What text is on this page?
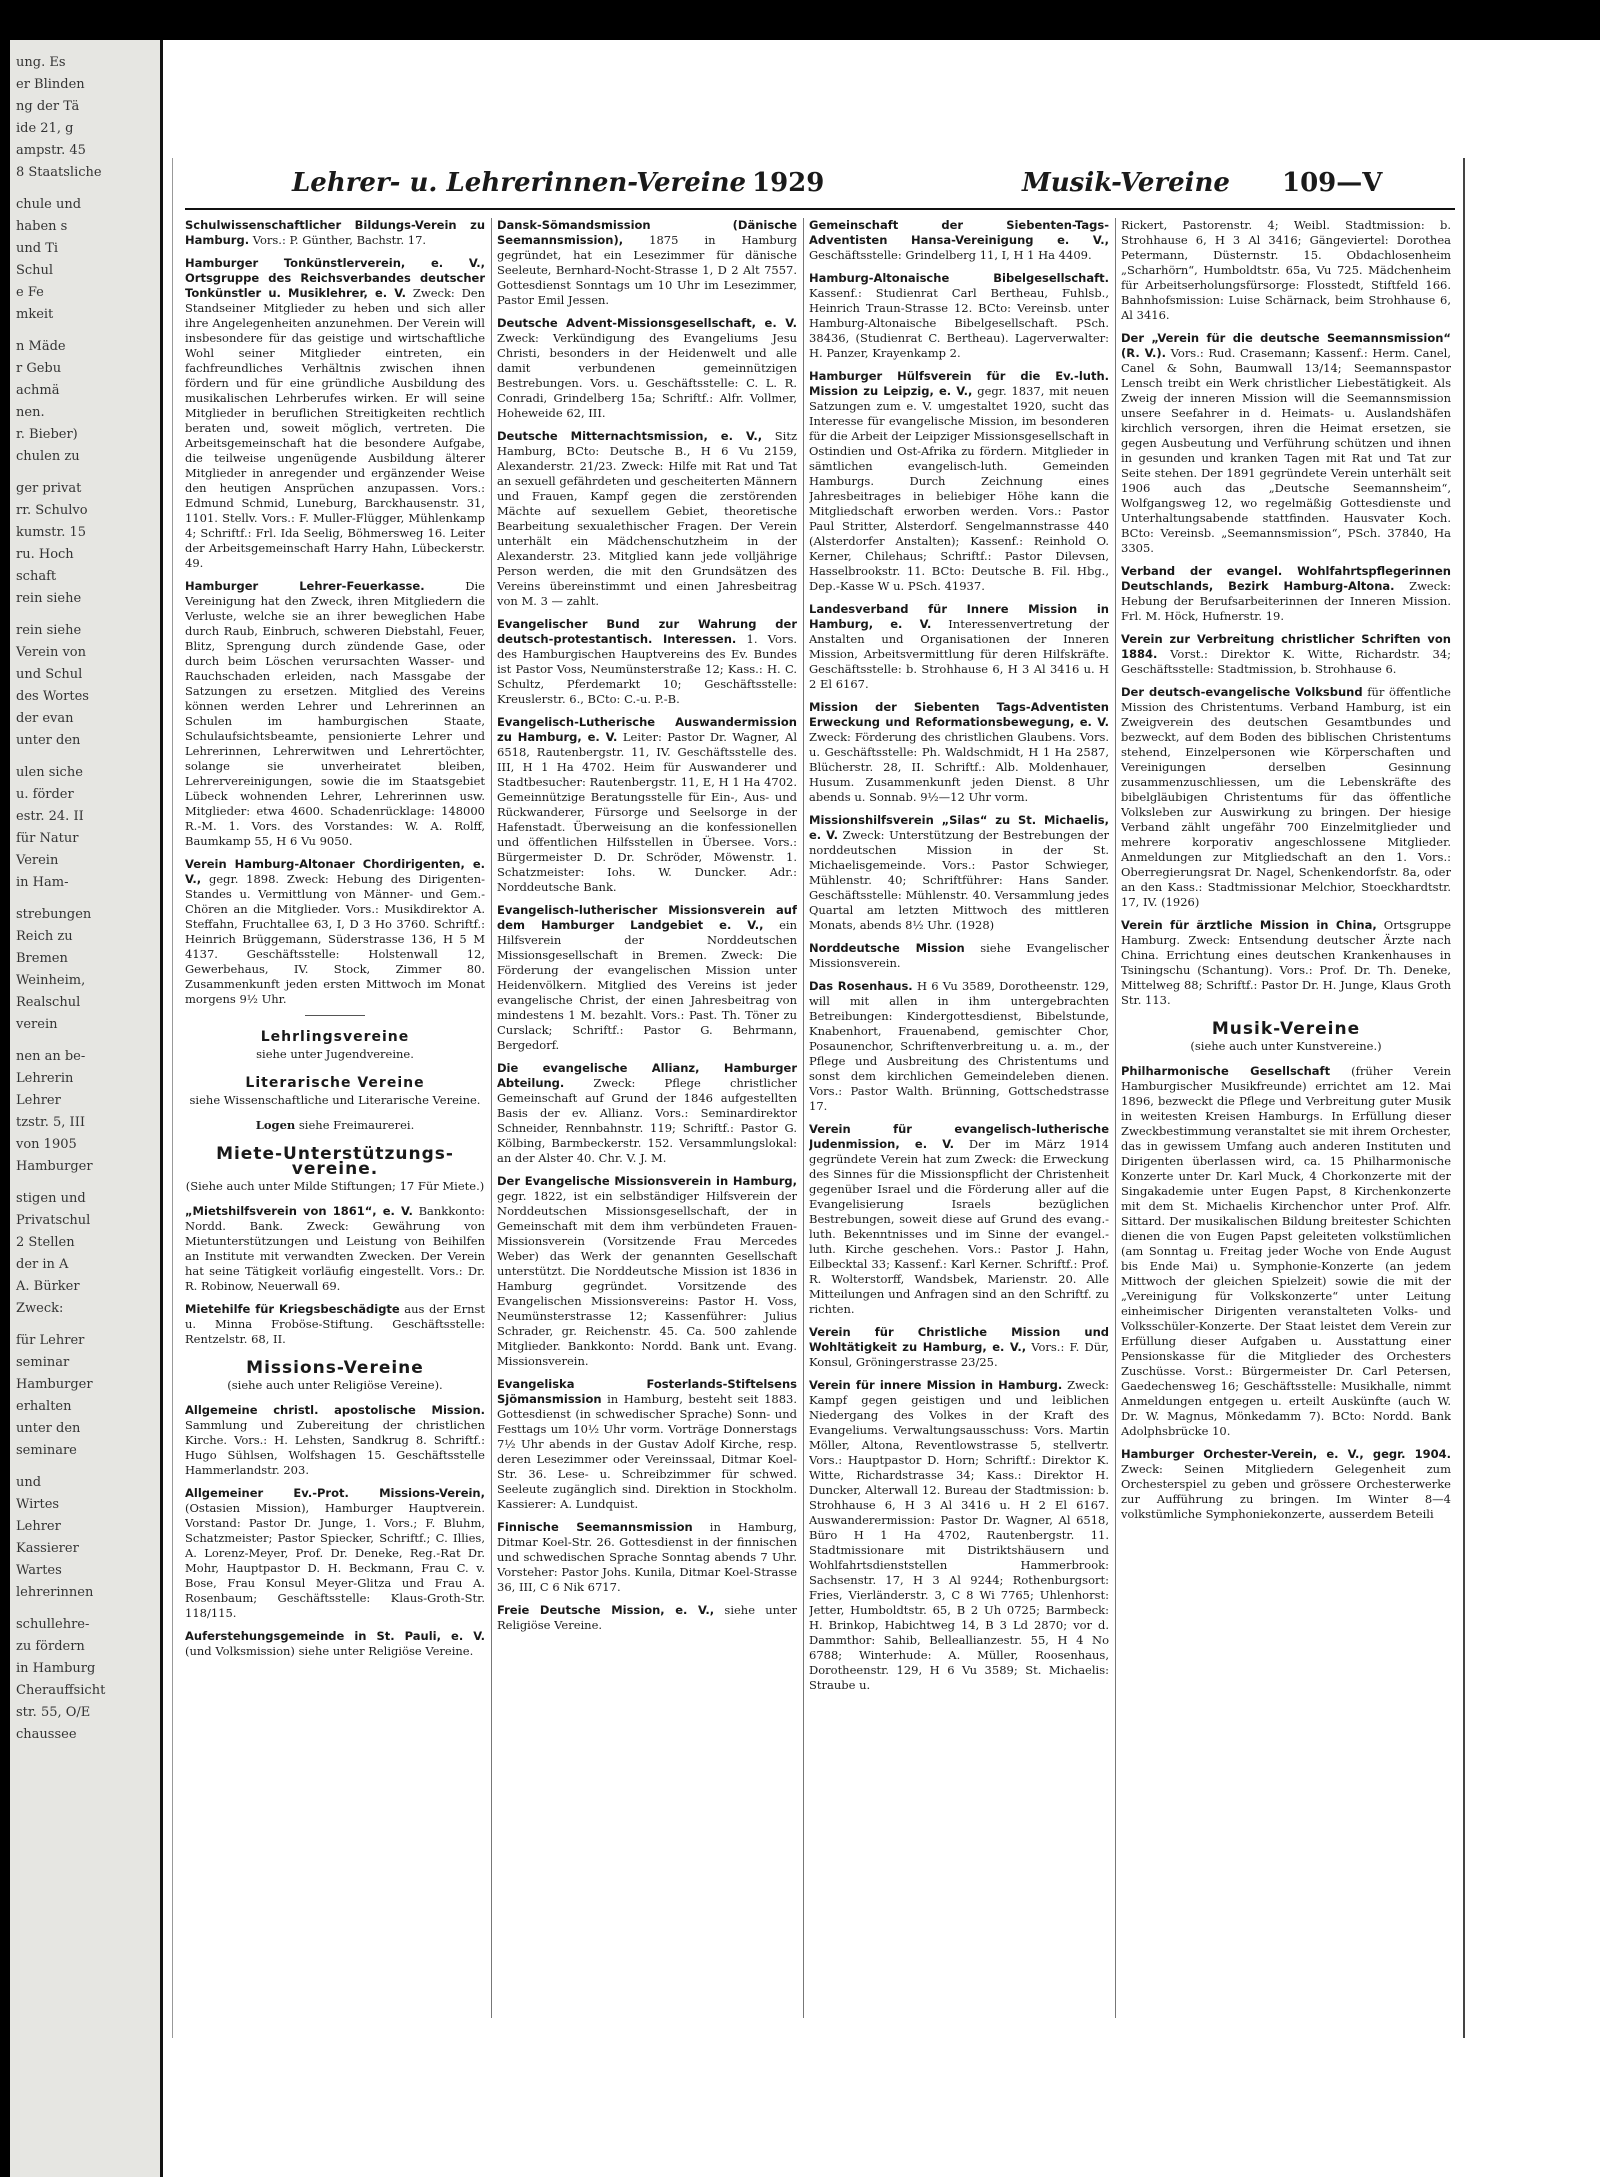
ung. Es
er Blinden
ng der Tä
ide 21, g
ampstr. 45
8 Staatsliche
chule und
haben s
und Ti
Schul
e Fe
mkeit
n Mäde
r Gebu
achmä
nen.
r. Bieber)
chulen zu
ger privat
rr. Schulvo
kumstr. 15
ru. Hoch
schaft
rein siehe
rein siehe
Verein von
und Schul
des Wortes
der evan
unter den
ulen siche
u. förder
estr. 24. II
für Natur
Verein
in Ham-
strebungen
Reich zu
Bremen
Weinheim,
Realschul
verein
nen an be-
Lehrerin
Lehrer
tzstr. 5, III
von 1905
Hamburger
stigen und
Privatschul
2 Stellen
der in A
A. Bürker
Zweck:
für Lehrer
seminar
Hamburger
erhalten
unter den
seminare
und
Wirtes
Lehrer
Kassierer
Wartes
lehrerinnen
schullehre-
zu fördern
in Hamburg
Cherauffsicht
str. 55, O/E
chaussee
Lehrer- u. Lehrerinnen-Vereine 1929	Musik-Vereine 109—V

Schulwissenschaftlicher Bildungs-Verein zu Hamburg. Vors.: P. Günther, Bachstr. 17.

Hamburger Tonkünstlerverein, e. V., Ortsgruppe des Reichsverbandes deutscher Tonkünstler u. Musiklehrer, e. V. Zweck: Den Standseiner Mitglieder zu heben und sich aller ihre Angelegenheiten anzunehmen. Der Verein will insbesondere für das geistige und wirtschaftliche Wohl seiner Mitglieder eintreten, ein fachfreundliches Verhältnis zwischen ihnen fördern und für eine gründliche Ausbildung des musikalischen Lehrberufes wirken. Er will seine Mitglieder in beruflichen Streitigkeiten rechtlich beraten und, soweit möglich, vertreten. Die Arbeitsgemeinschaft hat die besondere Aufgabe, die teilweise ungenügende Ausbildung älterer Mitglieder in anregender und ergänzender Weise den heutigen Ansprüchen anzupassen. Vors.: Edmund Schmid, Luneburg, Barckhausenstr. 31, 1101. Stellv. Vors.: F. Muller-Flügger, Mühlenkamp 4; Schriftf.: Frl. Ida Seelig, Böhmersweg 16. Leiter der Arbeitsgemeinschaft Harry Hahn, Lübeckerstr. 49.

Hamburger Lehrer-Feuerkasse.	Die Vereinigung hat den Zweck, ihren Mitgliedern die Verluste, welche sie an ihrer beweglichen Habe durch Raub, Einbruch, schweren Diebstahl, Feuer, Blitz, Sprengung durch zündende Gase, oder durch beim Löschen verursachten Wasser- und Rauchschaden erleiden, nach Massgabe der Satzungen zu ersetzen. Mitglied des Vereins können werden Lehrer und Lehrerinnen an Schulen im hamburgischen Staate, Schulaufsichtsbeamte, pensionierte Lehrer und Lehrerinnen, Lehrerwitwen und Lehrertöchter, solange sie unverheiratet bleiben, Lehrervereinigungen, sowie die im Staatsgebiet Lübeck wohnenden Lehrer, Lehrerinnen usw. Mitglieder: etwa 4600. Schadenrücklage: 148000 R.-M. 1. Vors. des Vorstandes: W. A. Rolff, Baumkamp 55, H 6 Vu 9050.

Verein Hamburg-Altonaer Chordirigenten, e. V., gegr. 1898. Zweck: Hebung des Dirigenten-Standes u. Vermittlung von Männer- und Gem.-Chören an die Mitglieder. Vors.: Musikdirektor A. Steffahn, Fruchtallee 63, I, D 3 Ho 3760. Schriftf.: Heinrich Brüggemann, Süderstrasse 136, H 5 M 4137. Geschäftsstelle: Holstenwall 12, Gewerbehaus, IV. Stock, Zimmer 80. Zusammenkunft jeden ersten Mittwoch im Monat morgens 9½ Uhr.

Lehrlingsvereine
siehe unter Jugendvereine.
Literarische Vereine
siehe Wissenschaftliche und Literarische Vereine.
Logen siehe Freimaurerei.
Miete-Unterstützungs-vereine.
(Siehe auch unter Milde Stiftungen; 17 Für Miete.)

„Mietshilfsverein von 1861“, e. V. Bankkonto: Nordd. Bank. Zweck: Gewährung von Mietunterstützungen und Leistung von Beihilfen an Institute mit verwandten Zwecken. Der Verein hat seine Tätigkeit vorläufig eingestellt. Vors.: Dr. R. Robinow, Neuerwall 69.

Mietehilfe für Kriegsbeschädigte aus der Ernst u. Minna Froböse-Stiftung. Geschäftsstelle: Rentzelstr. 68, II.

Missions-Vereine
(siehe auch unter Religiöse Vereine).

Allgemeine christl. apostolische Mission. Sammlung und Zubereitung der christlichen Kirche. Vors.: H. Lehsten, Sandkrug 8. Schriftf.: Hugo Sühlsen, Wolfshagen 15. Geschäftsstelle Hammerlandstr. 203.

Allgemeiner Ev.-Prot. Missions-Verein, (Ostasien Mission), Hamburger Hauptverein. Vorstand: Pastor Dr. Junge, 1. Vors.; F. Bluhm, Schatzmeister; Pastor Spiecker, Schriftf.; C. Illies, A. Lorenz-Meyer, Prof. Dr. Deneke, Reg.-Rat Dr. Mohr, Hauptpastor D. H. Beckmann, Frau C. v. Bose, Frau Konsul Meyer-Glitza und Frau A. Rosenbaum; Geschäftsstelle: Klaus-Groth-Str. 118/115.

Auferstehungsgemeinde in St. Pauli, e. V. (und Volksmission) siehe unter Religiöse Vereine.

Dansk-Sömandsmission (Dänische Seemannsmission), 1875 in Hamburg gegründet, hat ein Lesezimmer für dänische Seeleute, Bernhard-Nocht-Strasse 1, D 2 Alt 7557. Gottesdienst Sonntags um 10 Uhr im Lesezimmer, Pastor Emil Jessen.

Deutsche Advent-Missionsgesellschaft, e. V. Zweck: Verkündigung des Evangeliums Jesu Christi, besonders in der Heidenwelt und alle damit verbundenen gemeinnützigen Bestrebungen. Vors. u. Geschäftsstelle: C. L. R. Conradi, Grindelberg 15a; Schriftf.: Alfr. Vollmer, Hoheweide 62, III.

Deutsche Mitternachtsmission, e. V., Sitz Hamburg, BCto: Deutsche B., H 6 Vu 2159, Alexanderstr. 21/23. Zweck: Hilfe mit Rat und Tat an sexuell gefährdeten und gescheiterten Männern und Frauen, Kampf gegen die zerstörenden Mächte auf sexuellem Gebiet, theoretische Bearbeitung sexualethischer Fragen. Der Verein unterhält ein Mädchenschutzheim in der Alexanderstr. 23. Mitglied kann jede volljährige Person werden, die mit den Grundsätzen des Vereins übereinstimmt und einen Jahresbeitrag von M. 3 — zahlt.

Evangelischer Bund zur Wahrung der deutsch-protestantisch. Interessen. 1. Vors. des Hamburgischen Hauptvereins des Ev. Bundes ist Pastor Voss, Neumünsterstraße 12; Kass.: H. C. Schultz, Pferdemarkt 10; Geschäftsstelle: Kreuslerstr. 6., BCto: C.-u. P.-B.

Evangelisch-Lutherische Auswandermission zu Hamburg, e. V. Leiter: Pastor Dr. Wagner, Al 6518, Rautenbergstr. 11, IV. Geschäftsstelle des. III, H 1 Ha 4702. Heim für Auswanderer und Stadtbesucher: Rautenbergstr. 11, E, H 1 Ha 4702. Gemeinnützige Beratungsstelle für Ein-, Aus- und Rückwanderer, Fürsorge und Seelsorge in der Hafenstadt. Überweisung an die konfessionellen und öffentlichen Hilfsstellen in Übersee. Vors.: Bürgermeister D. Dr. Schröder, Möwenstr. 1. Schatzmeister: Iohs. W. Duncker. Adr.: Norddeutsche Bank.

Evangelisch-lutherischer Missionsverein auf dem Hamburger Landgebiet e. V., ein Hilfsverein der Norddeutschen Missionsgesellschaft in Bremen. Zweck: Die Förderung der evangelischen Mission unter Heidenvölkern. Mitglied des Vereins ist jeder evangelische Christ, der einen Jahresbeitrag von mindestens 1 M. bezahlt. Vors.: Past. Th. Töner zu Curslack; Schriftf.: Pastor G. Behrmann, Bergedorf.

Die evangelische Allianz, Hamburger Abteilung.	Zweck: Pflege christlicher Gemeinschaft auf Grund der 1846 aufgestellten Basis der ev. Allianz. Vors.: Seminardirektor Schneider, Rennbahnstr. 119; Schriftf.: Pastor G. Kölbing, Barmbeckerstr. 152. Versammlungslokal: an der Alster 40. Chr. V. J. M.

Der Evangelische Missionsverein in Hamburg, gegr. 1822, ist ein selbständiger Hilfsverein der Norddeutschen Missionsgesellschaft, der in Gemeinschaft mit dem ihm verbündeten Frauen-Missionsverein (Vorsitzende Frau Mercedes Weber) das Werk der genannten Gesellschaft unterstützt. Die Norddeutsche Mission ist 1836 in Hamburg gegründet. Vorsitzende des Evangelischen Missionsvereins: Pastor H. Voss, Neumünsterstrasse 12; Kassenführer: Julius Schrader, gr. Reichenstr. 45. Ca. 500 zahlende Mitglieder. Bankkonto: Nordd. Bank unt. Evang. Missionsverein.

Evangeliska Fosterlands-Stiftelsens Sjömansmission in Hamburg, besteht seit 1883. Gottesdienst (in schwedischer Sprache) Sonn- und Festtags um 10½ Uhr vorm. Vorträge Donnerstags 7½ Uhr abends in der Gustav Adolf Kirche, resp. deren Lesezimmer oder Vereinssaal, Ditmar Koel-Str. 36. Lese- u. Schreibzimmer für schwed. Seeleute zugänglich sind. Direktion in Stockholm. Kassierer: A. Lundquist.

Finnische Seemannsmission in Hamburg, Ditmar Koel-Str. 26. Gottesdienst in der finnischen und schwedischen Sprache Sonntag abends 7 Uhr. Vorsteher: Pastor Johs. Kunila, Ditmar Koel-Strasse 36, III, C 6 Nik 6717.

Freie Deutsche Mission, e. V., siehe unter Religiöse Vereine.

Gemeinschaft der Siebenten-Tags-Adventisten Hansa-Vereinigung e. V., Geschäftsstelle: Grindelberg 11, I, H 1 Ha 4409.

Hamburg-Altonaische Bibelgesellschaft. Kassenf.: Studienrat Carl Bertheau, Fuhlsb., Heinrich Traun-Strasse 12. BCto: Vereinsb. unter Hamburg-Altonaische Bibelgesellschaft. PSch. 38436, (Studienrat C. Bertheau). Lagerverwalter: H. Panzer, Krayenkamp 2.

Hamburger Hülfsverein für die Ev.-luth. Mission zu Leipzig, e. V., gegr. 1837, mit neuen Satzungen zum e. V. umgestaltet 1920, sucht das Interesse für evangelische Mission, im besonderen für die Arbeit der Leipziger Missionsgesellschaft in Ostindien und Ost-Afrika zu fördern. Mitglieder in sämtlichen evangelisch-luth. Gemeinden Hamburgs. Durch Zeichnung eines Jahresbeitrages in beliebiger Höhe kann die Mitgliedschaft erworben werden. Vors.: Pastor Paul Stritter, Alsterdorf. Sengelmannstrasse 440 (Alsterdorfer Anstalten); Kassenf.: Reinhold O. Kerner, Chilehaus; Schriftf.: Pastor Dilevsen, Hasselbrookstr. 11. BCto: Deutsche B. Fil. Hbg., Dep.-Kasse W u. PSch. 41937.

Landesverband für Innere Mission in Hamburg, e. V. Interessenvertretung der Anstalten und Organisationen der Inneren Mission, Arbeitsvermittlung für deren Hilfskräfte. Geschäftsstelle: b. Strohhause 6, H 3 Al 3416 u. H 2 El 6167.

Mission der Siebenten Tags-Adventisten Erweckung und Reformationsbewegung, e. V. Zweck: Förderung des christlichen Glaubens. Vors. u. Geschäftsstelle: Ph. Waldschmidt, H 1 Ha 2587, Blücherstr. 28, II. Schriftf.: Alb. Moldenhauer, Husum. Zusammenkunft jeden Dienst. 8 Uhr abends u. Sonnab. 9½—12 Uhr vorm.

Missionshilfsverein „Silas“ zu St. Michaelis, e. V. Zweck: Unterstützung der Bestrebungen der norddeutschen Mission in der St. Michaelisgemeinde. Vors.: Pastor Schwieger, Mühlenstr. 40; Schriftführer: Hans Sander. Geschäftsstelle: Mühlenstr. 40. Versammlung jedes Quartal am letzten Mittwoch des mittleren Monats, abends 8½ Uhr. (1928)

Norddeutsche Mission siehe Evangelischer Missionsverein.

Das Rosenhaus. H 6 Vu 3589, Dorotheenstr. 129, will mit allen in ihm untergebrachten Betreibungen: Kindergottesdienst, Bibelstunde, Knabenhort, Frauenabend, gemischter Chor, Posaunenchor, Schriftenverbreitung u. a. m., der Pflege und Ausbreitung des Christentums und sonst dem kirchlichen Gemeindeleben dienen. Vors.: Pastor Walth. Brünning, Gottschedstrasse 17.

Verein für evangelisch-lutherische Judenmission, e. V. Der im März 1914 gegründete Verein hat zum Zweck: die Erweckung des Sinnes für die Missionspflicht der Christenheit gegenüber Israel und die Förderung aller auf die Evangelisierung Israels bezüglichen Bestrebungen, soweit diese auf Grund des evang.-luth. Bekenntnisses und im Sinne der evangel.-luth. Kirche geschehen. Vors.: Pastor J. Hahn, Eilbecktal 33; Kassenf.: Karl Kerner. Schriftf.: Prof. R. Wolterstorff, Wandsbek, Marienstr. 20. Alle Mitteilungen und Anfragen sind an den Schriftf. zu richten.

Verein für Christliche Mission und Wohltätigkeit zu Hamburg, e. V., Vors.: F. Dür, Konsul, Gröningerstrasse 23/25.

Verein für innere Mission in Hamburg. Zweck: Kampf gegen geistigen und und leiblichen Niedergang des Volkes in der Kraft des Evangeliums. Verwaltungsausschuss: Vors. Martin Möller, Altona, Reventlowstrasse 5, stellvertr. Vors.: Hauptpastor D. Horn; Schriftf.: Direktor K. Witte, Richardstrasse 34; Kass.: Direktor H. Duncker, Alterwall 12. Bureau der Stadtmission: b. Strohhause 6, H 3 Al 3416 u. H 2 El 6167. Auswanderermission: Pastor Dr. Wagner, Al 6518, Büro H 1 Ha 4702, Rautenbergstr. 11. Stadtmissionare mit Distriktshäusern und Wohlfahrtsdienststellen Hammerbrook: Sachsenstr. 17, H 3 Al 9244; Rothenburgsort: Fries, Vierländerstr. 3, C 8 Wi 7765; Uhlenhorst: Jetter, Humboldtstr. 65, B 2 Uh 0725; Barmbeck: H. Brinkop, Habichtweg 14, B 3 Ld 2870; vor d. Dammthor: Sahib, Belleallianzestr. 55, H 4 No 6788; Winterhude: A. Müller, Roosenhaus, Dorotheenstr. 129, H 6 Vu 3589; St. Michaelis: Straube u.

Rickert, Pastorenstr. 4; Weibl. Stadtmission: b. Strohhause 6, H 3 Al 3416; Gängeviertel: Dorothea Petermann, Düsternstr. 15. Obdachlosenheim „Scharhörn“, Humboldtstr. 65a, Vu 725. Mädchenheim für Arbeitserholungsfürsorge: Flosstedt, Stiftfeld 166. Bahnhofsmission: Luise Schärnack, beim Strohhause 6, Al 3416.

Der „Verein für die deutsche Seemannsmission“ (R. V.). Vors.: Rud. Crasemann; Kassenf.: Herm. Canel, Canel & Sohn, Baumwall 13/14; Seemannspastor Lensch treibt ein Werk christlicher Liebestätigkeit. Als Zweig der inneren Mission will die Seemannsmission unsere Seefahrer in d. Heimats- u. Auslandshäfen kirchlich versorgen, ihren die Heimat ersetzen, sie gegen Ausbeutung und Verführung schützen und ihnen in gesunden und kranken Tagen mit Rat und Tat zur Seite stehen. Der 1891 gegründete Verein unterhält seit 1906 auch das „Deutsche Seemannsheim“, Wolfgangsweg 12, wo regelmäßig Gottesdienste und Unterhaltungsabende stattfinden. Hausvater Koch. BCto: Vereinsb. „Seemannsmission“, PSch. 37840, Ha 3305.

Verband der evangel. Wohlfahrtspflegerinnen Deutschlands, Bezirk Hamburg-Altona. Zweck: Hebung der Berufsarbeiterinnen der Inneren Mission. Frl. M. Höck, Hufnerstr. 19.

Verein zur Verbreitung christlicher Schriften von 1884. Vorst.: Direktor K. Witte, Richardstr. 34; Geschäftsstelle: Stadtmission, b. Strohhause 6.

Der deutsch-evangelische Volksbund für öffentliche Mission des Christentums. Verband Hamburg, ist ein Zweigverein des deutschen Gesamtbundes und bezweckt, auf dem Boden des biblischen Christentums stehend, Einzelpersonen wie Körperschaften und Vereinigungen derselben Gesinnung zusammenzuschliessen, um die Lebenskräfte des bibelgläubigen Christentums für das öffentliche Volksleben zur Auswirkung zu bringen. Der hiesige Verband zählt ungefähr 700 Einzelmitglieder und mehrere korporativ angeschlossene Mitglieder. Anmeldungen zur Mitgliedschaft an den 1. Vors.: Oberregierungsrat Dr. Nagel, Schenkendorfstr. 8a, oder an den Kass.: Stadtmissionar Melchior, Stoeckhardtstr. 17, IV. (1926)

Verein für ärztliche Mission in China, Ortsgruppe Hamburg. Zweck: Entsendung deutscher Ärzte nach China. Errichtung eines deutschen Krankenhauses in Tsiningschu (Schantung). Vors.: Prof. Dr. Th. Deneke, Mittelweg 88; Schriftf.: Pastor Dr. H. Junge, Klaus Groth Str. 113.

Musik-Vereine
(siehe auch unter Kunstvereine.)

Philharmonische Gesellschaft (früher Verein Hamburgischer Musikfreunde) errichtet am 12. Mai 1896, bezweckt die Pflege und Verbreitung guter Musik in weitesten Kreisen Hamburgs. In Erfüllung dieser Zweckbestimmung veranstaltet sie mit ihrem Orchester, das in gewissem Umfang auch anderen Instituten und Dirigenten überlassen wird, ca. 15 Philharmonische Konzerte unter Dr. Karl Muck, 4 Chorkonzerte mit der Singakademie unter Eugen Papst, 8 Kirchenkonzerte mit dem St. Michaelis Kirchenchor unter Prof. Alfr. Sittard. Der musikalischen Bildung breitester Schichten dienen die von Eugen Papst geleiteten volkstümlichen (am Sonntag u. Freitag jeder Woche von Ende August bis Ende Mai) u. Symphonie-Konzerte (an jedem Mittwoch der gleichen Spielzeit) sowie die mit der „Vereinigung für Volkskonzerte“ unter Leitung einheimischer Dirigenten veranstalteten Volks- und Volksschüler-Konzerte. Der Staat leistet dem Verein zur Erfüllung dieser Aufgaben u. Ausstattung einer Pensionskasse für die Mitglieder des Orchesters Zuschüsse. Vorst.: Bürgermeister Dr. Carl Petersen, Gaedechensweg 16; Geschäftsstelle: Musikhalle, nimmt Anmeldungen entgegen u. erteilt Auskünfte (auch W. Dr. W. Magnus, Mönkedamm 7). BCto: Nordd. Bank Adolphsbrücke 10.

Hamburger Orchester-Verein, e. V., gegr. 1904. Zweck: Seinen Mitgliedern Gelegenheit zum Orchesterspiel zu geben und grössere Orchesterwerke zur Aufführung zu bringen. Im Winter 8—4 volkstümliche Symphoniekonzerte, ausserdem Beteili
